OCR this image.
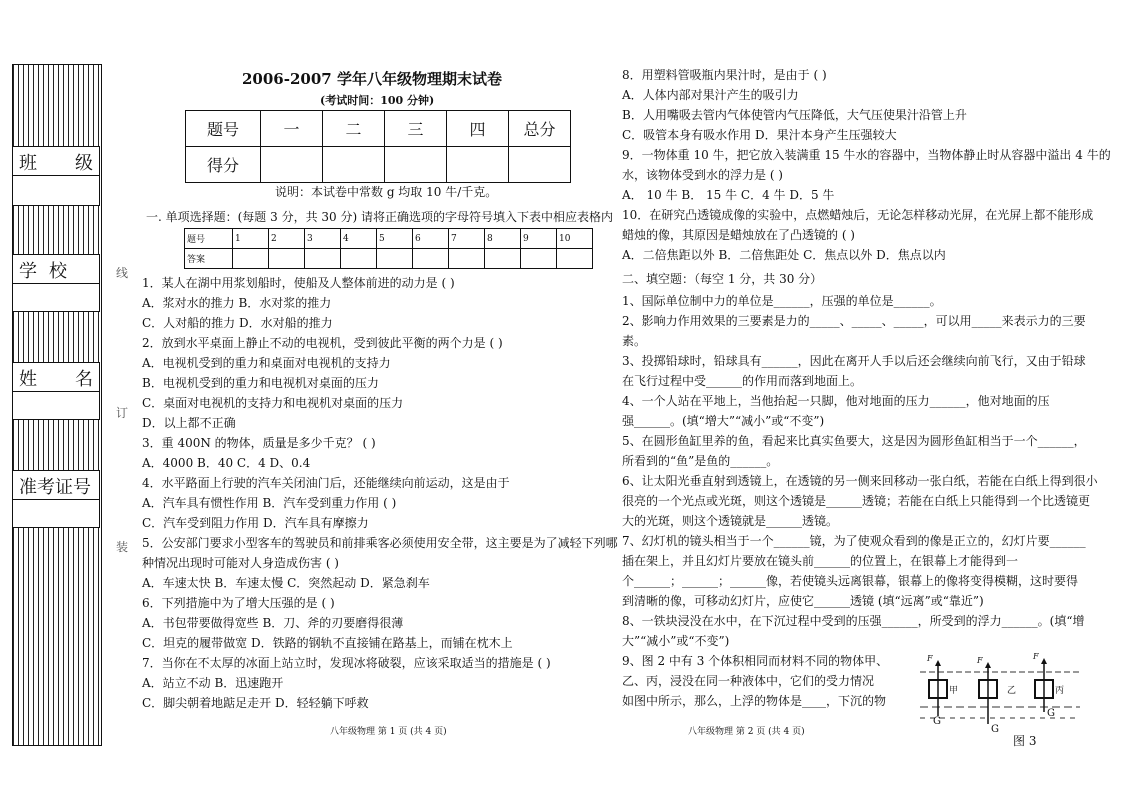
班 级
学 校
姓 名
准考证号
线
订
装
2006-2007 学年八年级物理期末试卷
(考试时间：100 分钟)
题号	一	二	三	四	总分
得分					
说明：本试卷中常数 g 均取 10 牛/千克。
一. 单项选择题：(每题 3 分，共 30 分) 请将正确选项的字母符号填入下表中相应表格内
题号	1	2	3	4	5	6	7	8	9	10
答案										
1．某人在湖中用浆划船时，使船及人整体前进的动力是 ( )
A．浆对水的推力 B．水对浆的推力
C．人对船的推力 D．水对船的推力
2．放到水平桌面上静止不动的电视机，受到彼此平衡的两个力是 ( )
A．电视机受到的重力和桌面对电视机的支持力
B．电视机受到的重力和电视机对桌面的压力
C．桌面对电视机的支持力和电视机对桌面的压力
D．以上都不正确
3．重 400N 的物体，质量是多少千克？ ( )
A．4000 B．40 C．4 D、0.4
4．水平路面上行驶的汽车关闭油门后，还能继续向前运动，这是由于
A．汽车具有惯性作用 B．汽车受到重力作用 ( )
C．汽车受到阻力作用 D．汽车具有摩擦力
5．公安部门要求小型客车的驾驶员和前排乘客必须使用安全带，这主要是为了减轻下列哪
种情况出现时可能对人身造成伤害 ( )
A．车速太快 B．车速太慢 C．突然起动 D．紧急刹车
6．下列措施中为了增大压强的是 ( )
A．书包带要做得宽些 B．刀、斧的刃要磨得很薄
C．坦克的履带做宽 D．铁路的钢轨不直接铺在路基上，而铺在枕木上
7．当你在不太厚的冰面上站立时，发现冰将破裂，应该采取适当的措施是 ( )
A．站立不动 B．迅速跑开
C．脚尖朝着地踮足走开 D．轻轻躺下呼救
八年级物理 第 1 页 (共 4 页)
8．用塑料管吸瓶内果汁时，是由于 ( )
A．人体内部对果汁产生的吸引力
B．人用嘴吸去管内气体使管内气压降低，大气压使果汁沿管上升
C．吸管本身有吸水作用 D．果汁本身产生压强较大
9．一物体重 10 牛，把它放入装满重 15 牛水的容器中，当物体静止时从容器中溢出 4 牛的
水，该物体受到水的浮力是 ( )
A． 10 牛 B． 15 牛 C．4 牛 D．5 牛
10．在研究凸透镜成像的实验中，点燃蜡烛后，无论怎样移动光屏，在光屏上都不能形成
蜡烛的像，其原因是蜡烛放在了凸透镜的 ( )
A．二倍焦距以外 B．二倍焦距处 C．焦点以外 D．焦点以内
二、填空题：（每空 1 分，共 30 分）
1、国际单位制中力的单位是______，压强的单位是______。
2、影响力作用效果的三要素是力的_____、_____、_____，可以用_____来表示力的三要
素。
3、投掷铅球时，铅球具有______，因此在离开人手以后还会继续向前飞行，又由于铅球
在飞行过程中受______的作用而落到地面上。
4、一个人站在平地上，当他抬起一只脚，他对地面的压力______，他对地面的压
强______。(填“增大”“减小”或“不变”)
5、在圆形鱼缸里养的鱼，看起来比真实鱼要大，这是因为圆形鱼缸相当于一个______，
所看到的“鱼”是鱼的______。
6、让太阳光垂直射到透镜上，在透镜的另一侧来回移动一张白纸，若能在白纸上得到很小
很亮的一个光点或光斑，则这个透镜是______透镜；若能在白纸上只能得到一个比透镜更
大的光斑，则这个透镜就是______透镜。
7、幻灯机的镜头相当于一个______镜，为了使观众看到的像是正立的，幻灯片要______
插在架上，并且幻灯片要放在镜头前______的位置上，在银幕上才能得到一
个______；______；______像，若使镜头远离银幕，银幕上的像将变得模糊，这时要得
到清晰的像，可移动幻灯片，应使它______透镜 (填“远离”或“靠近”)
8、一铁块浸没在水中，在下沉过程中受到的压强______，所受到的浮力______。(填“增
大”“减小”或“不变”)
9、图 2 中有 3 个体积相同而材料不同的物体甲、
乙、丙，浸没在同一种液体中，它们的受力情况
如图中所示，那么，上浮的物体是____，下沉的物
F	F	F
甲	乙	丙
G
G
G
图 3
八年级物理 第 2 页 (共 4 页)
